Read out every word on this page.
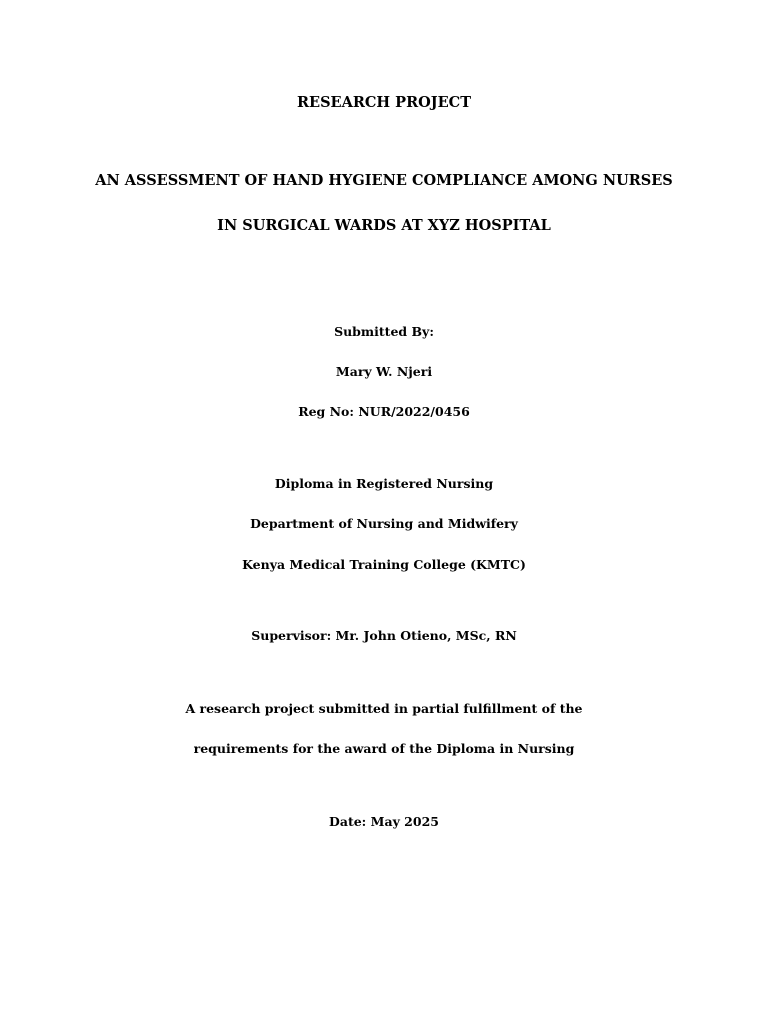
RESEARCH PROJECT
AN ASSESSMENT OF HAND HYGIENE COMPLIANCE AMONG NURSES
IN SURGICAL WARDS AT XYZ HOSPITAL
Submitted By:
Mary W. Njeri
Reg No: NUR/2022/0456
Diploma in Registered Nursing
Department of Nursing and Midwifery
Kenya Medical Training College (KMTC)
Supervisor: Mr. John Otieno, MSc, RN
A research project submitted in partial fulfillment of the
requirements for the award of the Diploma in Nursing
Date: May 2025
